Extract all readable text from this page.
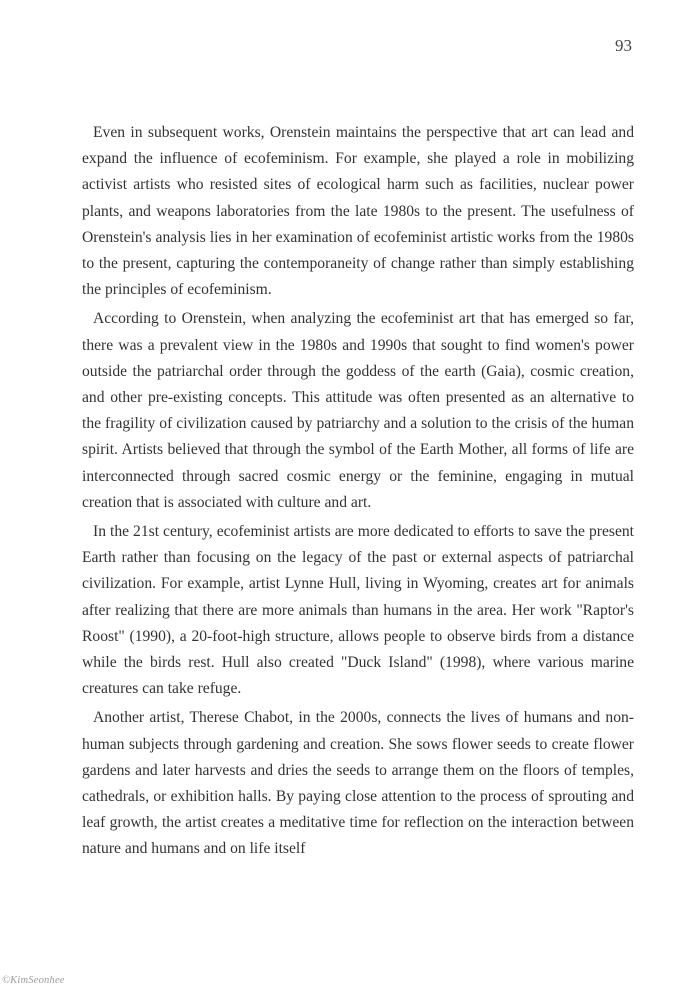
93

Even in subsequent works, Orenstein maintains the perspective that art can lead and expand the influence of ecofeminism. For example, she played a role in mobilizing activist artists who resisted sites of ecological harm such as facilities, nuclear power plants, and weapons laboratories from the late 1980s to the present. The usefulness of Orenstein's analysis lies in her examination of ecofeminist artistic works from the 1980s to the present, capturing the contemporaneity of change rather than simply establishing the principles of ecofeminism.

According to Orenstein, when analyzing the ecofeminist art that has emerged so far, there was a prevalent view in the 1980s and 1990s that sought to find women's power outside the patriarchal order through the goddess of the earth (Gaia), cosmic creation, and other pre-existing concepts. This attitude was often presented as an alternative to the fragility of civilization caused by patriarchy and a solution to the crisis of the human spirit. Artists believed that through the symbol of the Earth Mother, all forms of life are interconnected through sacred cosmic energy or the feminine, engaging in mutual creation that is associated with culture and art.

In the 21st century, ecofeminist artists are more dedicated to efforts to save the present Earth rather than focusing on the legacy of the past or external aspects of patriarchal civilization. For example, artist Lynne Hull, living in Wyoming, creates art for animals after realizing that there are more animals than humans in the area. Her work "Raptor's Roost" (1990), a 20-foot-high structure, allows people to observe birds from a distance while the birds rest. Hull also created "Duck Island" (1998), where various marine creatures can take refuge.

Another artist, Therese Chabot, in the 2000s, connects the lives of humans and non-human subjects through gardening and creation. She sows flower seeds to create flower gardens and later harvests and dries the seeds to arrange them on the floors of temples, cathedrals, or exhibition halls. By paying close attention to the process of sprouting and leaf growth, the artist creates a meditative time for reflection on the interaction between nature and humans and on life itself

©KimSeonhee
